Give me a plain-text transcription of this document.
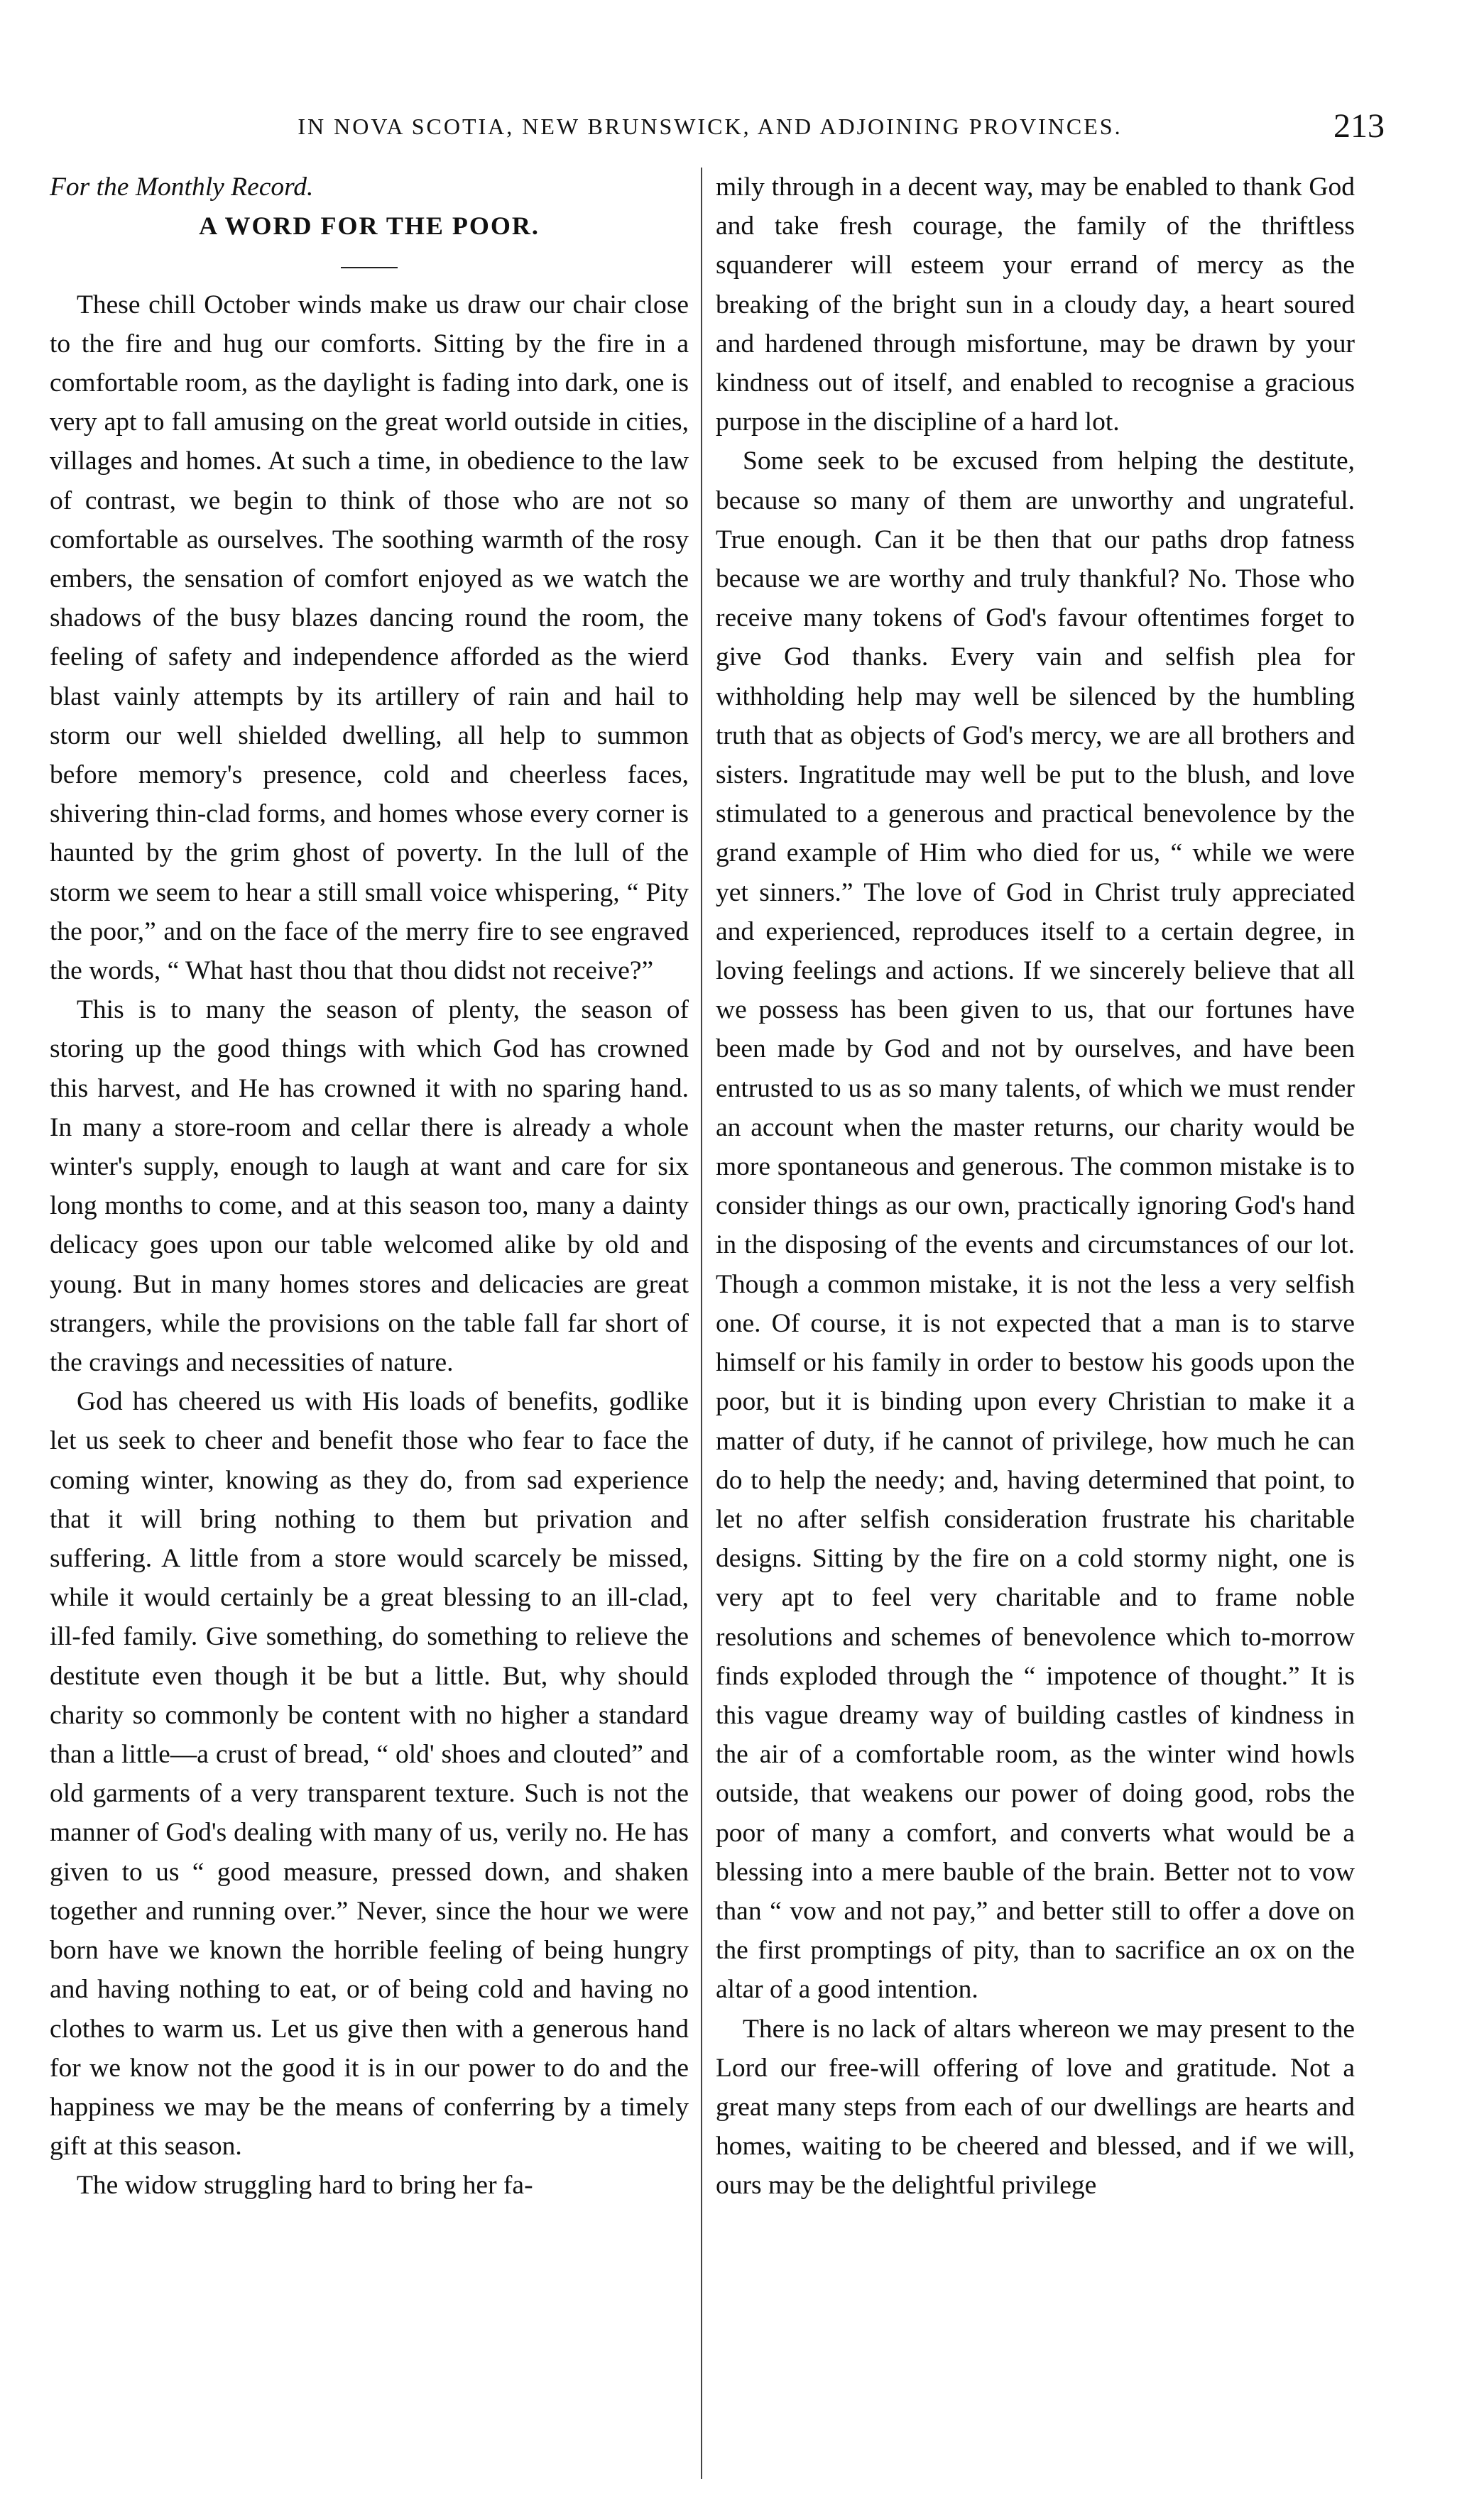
IN NOVA SCOTIA, NEW BRUNSWICK, AND ADJOINING PROVINCES.	213

For the Monthly Record.

A WORD FOR THE POOR.

These chill October winds make us draw our chair close to the fire and hug our comforts. Sitting by the fire in a comfortable room, as the daylight is fading into dark, one is very apt to fall amusing on the great world outside in cities, villages and homes. At such a time, in obedience to the law of contrast, we begin to think of those who are not so comfortable as ourselves. The soothing warmth of the rosy embers, the sensation of comfort enjoyed as we watch the shadows of the busy blazes dancing round the room, the feeling of safety and independence afforded as the wierd blast vainly attempts by its artillery of rain and hail to storm our well shielded dwelling, all help to summon before memory's presence, cold and cheerless faces, shivering thin-clad forms, and homes whose every corner is haunted by the grim ghost of poverty. In the lull of the storm we seem to hear a still small voice whispering, “ Pity the poor,” and on the face of the merry fire to see engraved the words, “ What hast thou that thou didst not receive?”

This is to many the season of plenty, the season of storing up the good things with which God has crowned this harvest, and He has crowned it with no sparing hand. In many a store-room and cellar there is already a whole winter's supply, enough to laugh at want and care for six long months to come, and at this season too, many a dainty delicacy goes upon our table welcomed alike by old and young. But in many homes stores and delicacies are great strangers, while the provisions on the table fall far short of the cravings and necessities of nature.

God has cheered us with His loads of benefits, godlike let us seek to cheer and benefit those who fear to face the coming winter, knowing as they do, from sad experience that it will bring nothing to them but privation and suffering. A little from a store would scarcely be missed, while it would certainly be a great blessing to an ill-clad, ill-fed family. Give something, do something to relieve the destitute even though it be but a little. But, why should charity so commonly be content with no higher a standard than a little—a crust of bread, “ old' shoes and clouted” and old garments of a very transparent texture. Such is not the manner of God's dealing with many of us, verily no. He has given to us “ good measure, pressed down, and shaken together and running over.” Never, since the hour we were born have we known the horrible feeling of being hungry and having nothing to eat, or of being cold and having no clothes to warm us. Let us give then with a generous hand for we know not the good it is in our power to do and the happiness we may be the means of conferring by a timely gift at this season.

The widow struggling hard to bring her fa-

mily through in a decent way, may be enabled to thank God and take fresh courage, the family of the thriftless squanderer will esteem your errand of mercy as the breaking of the bright sun in a cloudy day, a heart soured and hardened through misfortune, may be drawn by your kindness out of itself, and enabled to recognise a gracious purpose in the discipline of a hard lot.

Some seek to be excused from helping the destitute, because so many of them are unworthy and ungrateful. True enough. Can it be then that our paths drop fatness because we are worthy and truly thankful? No. Those who receive many tokens of God's favour oftentimes forget to give God thanks. Every vain and selfish plea for withholding help may well be silenced by the humbling truth that as objects of God's mercy, we are all brothers and sisters. Ingratitude may well be put to the blush, and love stimulated to a generous and practical benevolence by the grand example of Him who died for us, “ while we were yet sinners.” The love of God in Christ truly appreciated and experienced, reproduces itself to a certain degree, in loving feelings and actions. If we sincerely believe that all we possess has been given to us, that our fortunes have been made by God and not by ourselves, and have been entrusted to us as so many talents, of which we must render an account when the master returns, our charity would be more spontaneous and generous. The common mistake is to consider things as our own, practically ignoring God's hand in the disposing of the events and circumstances of our lot. Though a common mistake, it is not the less a very selfish one. Of course, it is not expected that a man is to starve himself or his family in order to bestow his goods upon the poor, but it is binding upon every Christian to make it a matter of duty, if he cannot of privilege, how much he can do to help the needy; and, having determined that point, to let no after selfish consideration frustrate his charitable designs. Sitting by the fire on a cold stormy night, one is very apt to feel very charitable and to frame noble resolutions and schemes of benevolence which to-morrow finds exploded through the “ impotence of thought.” It is this vague dreamy way of building castles of kindness in the air of a comfortable room, as the winter wind howls outside, that weakens our power of doing good, robs the poor of many a comfort, and converts what would be a blessing into a mere bauble of the brain. Better not to vow than “ vow and not pay,” and better still to offer a dove on the first promptings of pity, than to sacrifice an ox on the altar of a good intention.

There is no lack of altars whereon we may present to the Lord our free-will offering of love and gratitude. Not a great many steps from each of our dwellings are hearts and homes, waiting to be cheered and blessed, and if we will, ours may be the delightful privilege
